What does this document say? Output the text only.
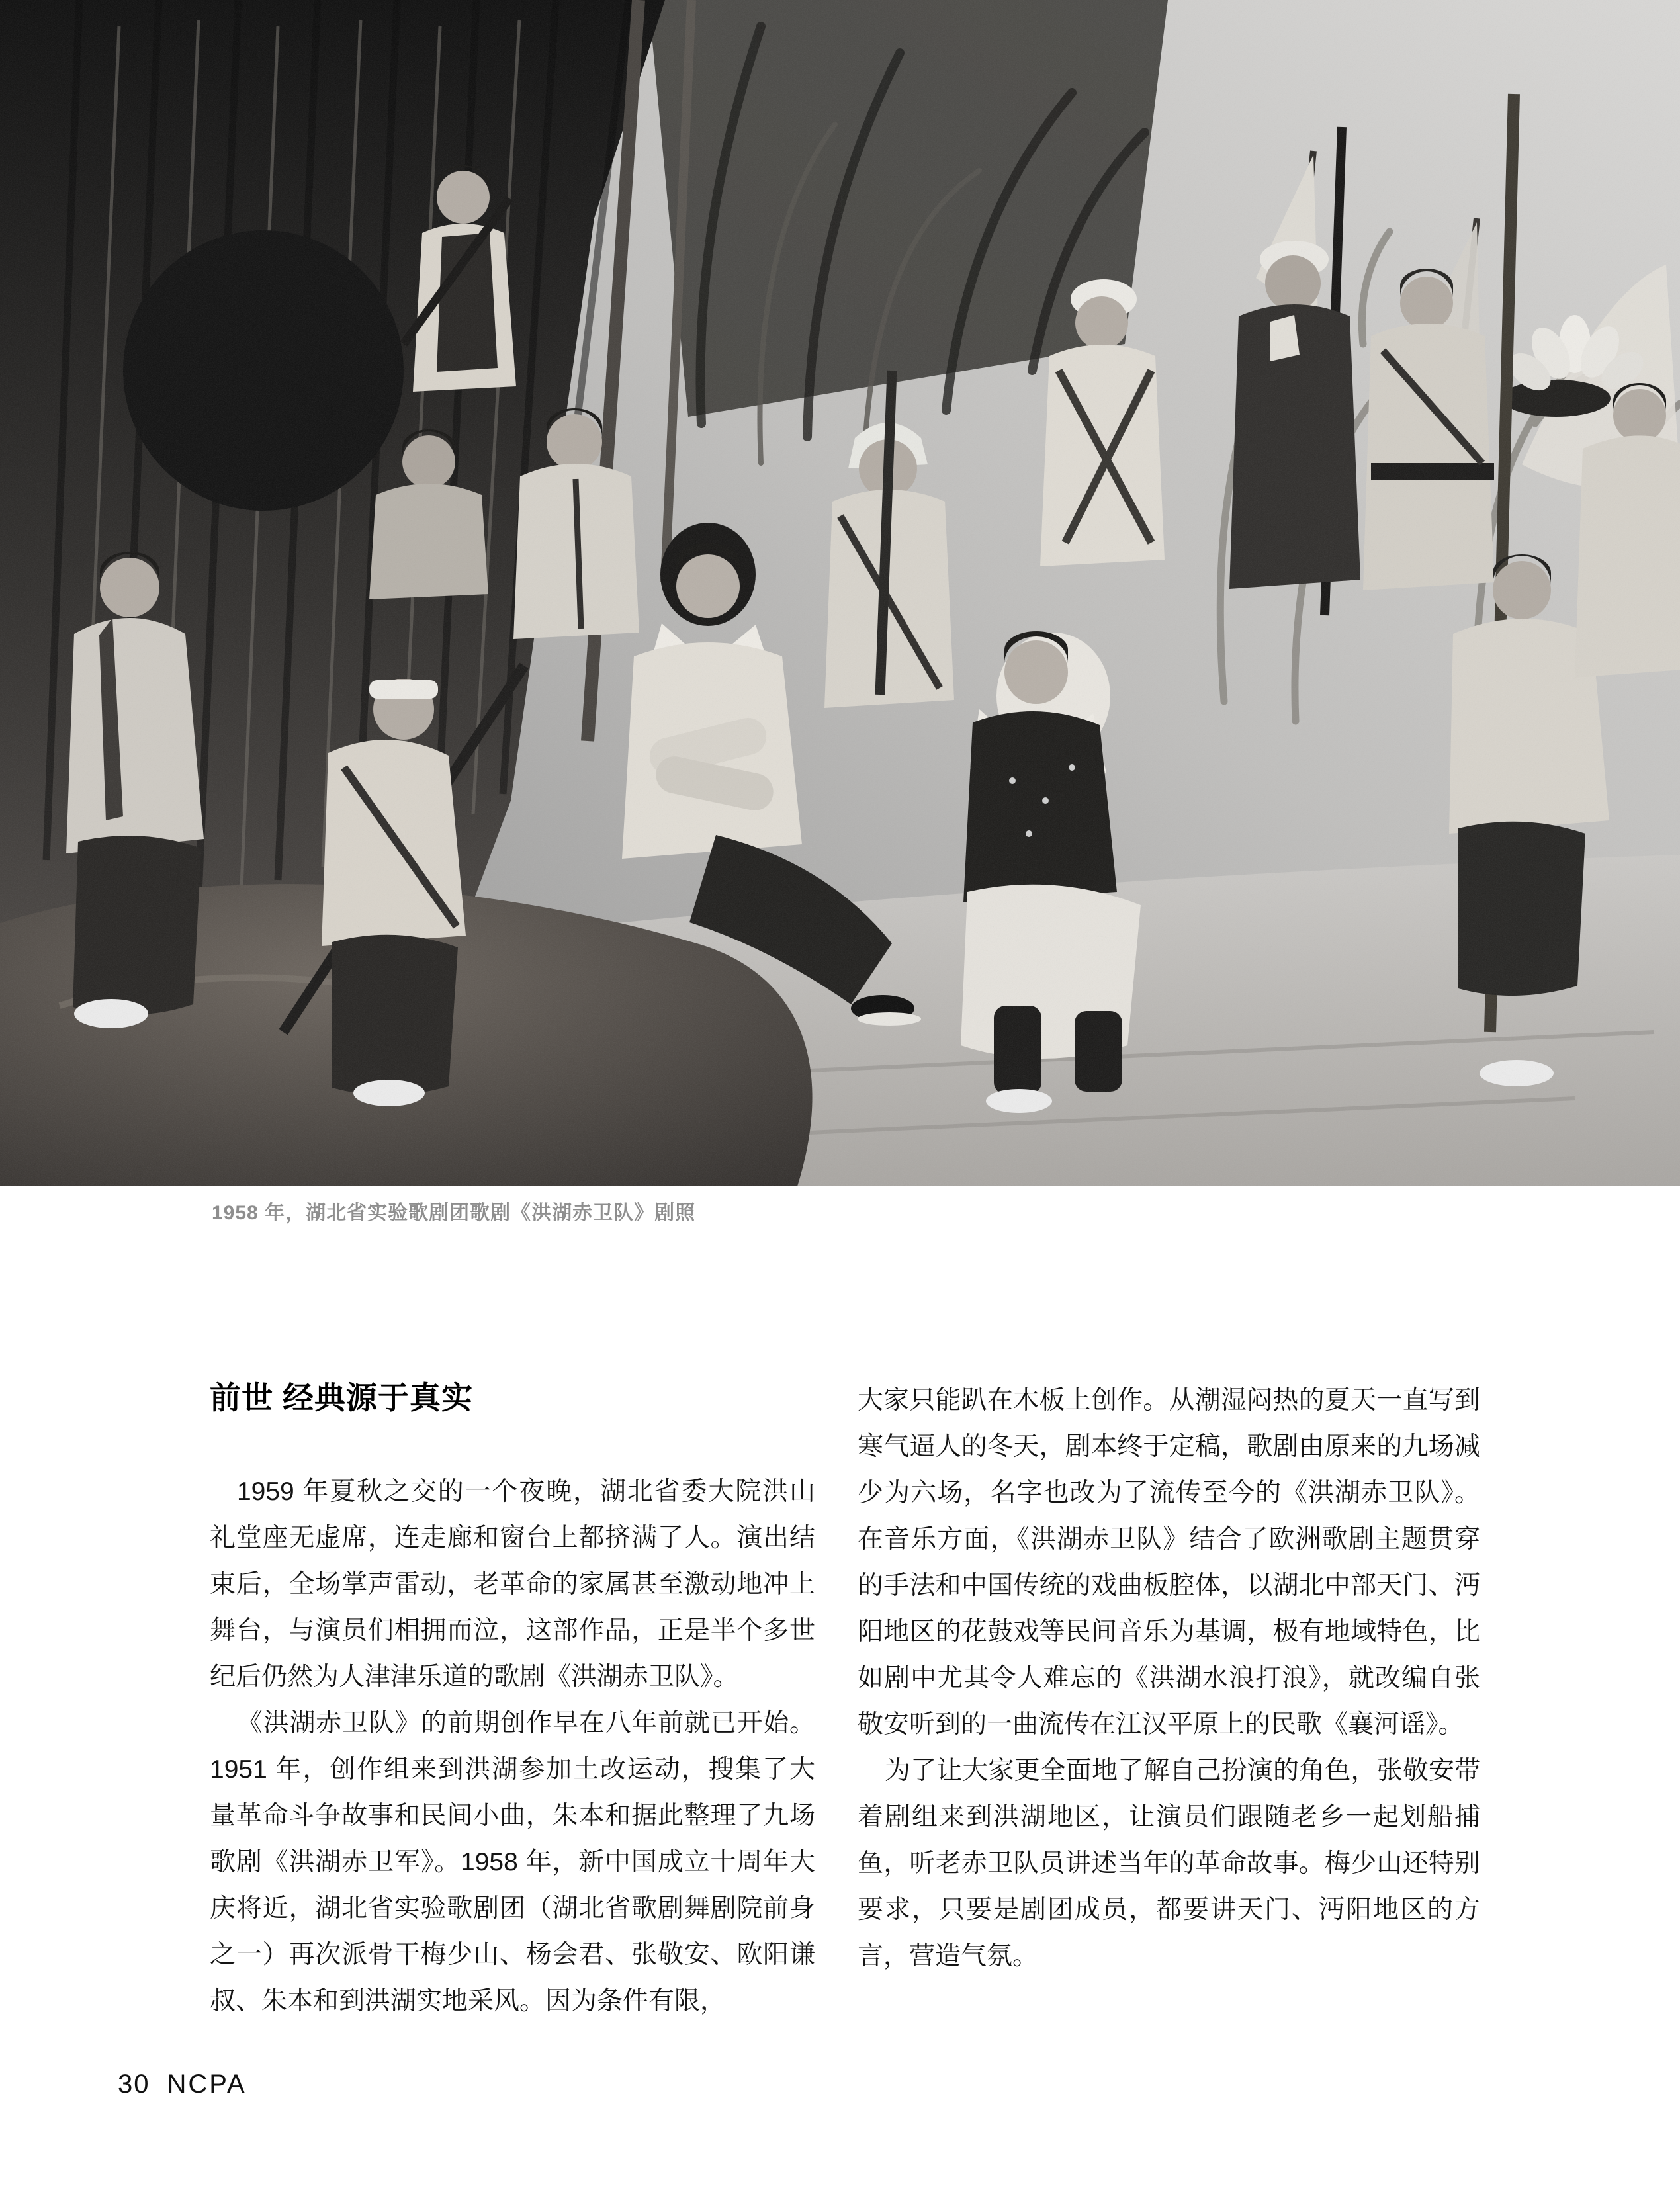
1958 年，湖北省实验歌剧团歌剧《洪湖赤卫队》剧照
前世 经典源于真实

1959 年夏秋之交的一个夜晚，湖北省委大院洪山礼堂座无虚席，连走廊和窗台上都挤满了人。演出结束后，全场掌声雷动，老革命的家属甚至激动地冲上舞台，与演员们相拥而泣，这部作品，正是半个多世纪后仍然为人津津乐道的歌剧《洪湖赤卫队》。

《洪湖赤卫队》的前期创作早在八年前就已开始。1951 年，创作组来到洪湖参加土改运动，搜集了大量革命斗争故事和民间小曲，朱本和据此整理了九场歌剧《洪湖赤卫军》。1958 年，新中国成立十周年大庆将近，湖北省实验歌剧团（湖北省歌剧舞剧院前身之一）再次派骨干梅少山、杨会君、张敬安、欧阳谦叔、朱本和到洪湖实地采风。因为条件有限，

大家只能趴在木板上创作。从潮湿闷热的夏天一直写到寒气逼人的冬天，剧本终于定稿，歌剧由原来的九场减少为六场，名字也改为了流传至今的《洪湖赤卫队》。在音乐方面，《洪湖赤卫队》结合了欧洲歌剧主题贯穿的手法和中国传统的戏曲板腔体，以湖北中部天门、沔阳地区的花鼓戏等民间音乐为基调，极有地域特色，比如剧中尤其令人难忘的《洪湖水浪打浪》，就改编自张敬安听到的一曲流传在江汉平原上的民歌《襄河谣》。

为了让大家更全面地了解自己扮演的角色，张敬安带着剧组来到洪湖地区，让演员们跟随老乡一起划船捕鱼，听老赤卫队员讲述当年的革命故事。梅少山还特别要求，只要是剧团成员，都要讲天门、沔阳地区的方言，营造气氛。

30 NCPA
